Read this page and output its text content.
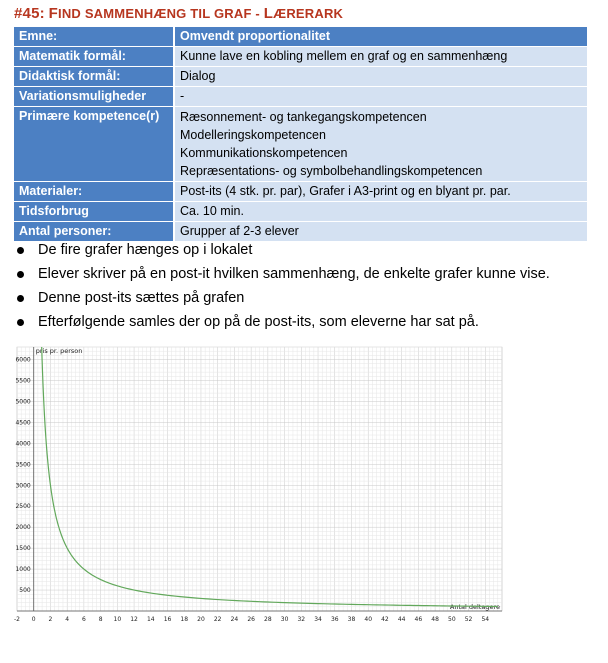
#45: FIND SAMMENHÆNG TIL GRAF - LÆRERARK
Emne:	Omvendt proportionalitet
Matematik formål:	Kunne lave en kobling mellem en graf og en sammenhæng
Didaktisk formål:	Dialog
Variationsmuligheder	-
Primære kompetence(r)	Ræsonnement- og tankegangskompetencen
Modelleringskompetencen
Kommunikationskompetencen
Repræsentations- og symbolbehandlingskompetencen

Materialer:	Post-its (4 stk. pr. par), Grafer i A3-print og en blyant pr. par.
Tidsforbrug	Ca. 10 min.
Antal personer:	Grupper af 2-3 elever
De fire grafer hænges op i lokalet
Elever skriver på en post-it hvilken sammenhæng, de enkelte grafer kunne vise.
Denne post-its sættes på grafen
Efterfølgende samles der op på de post-its, som eleverne har sat på.
-2 0 2 4 6 8 10 12 14 16 18 20 22 24 26 28 30 32 34 36 38 40 42 44 46 48 50 52 54
500
1000
1500
2000
2500
3000
3500
4000
4500
5000
5500
6000
pris pr. person
Antal deltagere
